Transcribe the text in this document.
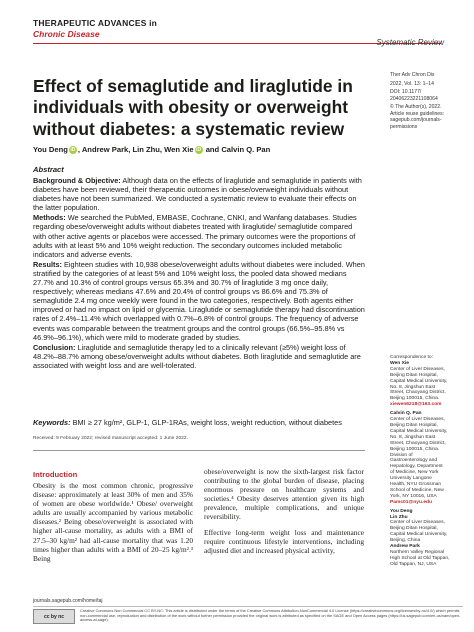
THERAPEUTIC ADVANCES in
Chronic Disease
Systematic Review
Effect of semaglutide and liraglutide in individuals with obesity or overweight without diabetes: a systematic review
You Deng iD , Andrew Park, Lin Zhu, Wen Xie iD and Calvin Q. Pan
Ther Adv Chron Dis
2022, Vol. 13: 1–14
DOI: 10.1177/
20406223221108064
© The Author(s), 2022.
Article reuse guidelines:
sagepub.com/journals-
permissions
Abstract

Background & Objective: Although data on the effects of liraglutide and semaglutide in patients with diabetes have been reviewed, their therapeutic outcomes in obese/overweight individuals without diabetes have not been summarized. We conducted a systematic review to evaluate their effects on the latter population.

Methods: We searched the PubMed, EMBASE, Cochrane, CNKI, and Wanfang databases. Studies regarding obese/overweight adults without diabetes treated with liraglutide/ semaglutide compared with other active agents or placebos were accessed. The primary outcomes were the proportions of adults with at least 5% and 10% weight reduction. The secondary outcomes included metabolic indicators and adverse events.

Results: Eighteen studies with 10,938 obese/overweight adults without diabetes were included. When stratified by the categories of at least 5% and 10% weight loss, the pooled data showed medians 27.7% and 10.3% of control groups versus 65.3% and 30.7% of liraglutide 3 mg once daily, respectively; whereas medians 47.6% and 20.4% of control groups vs 86.6% and 75.3% of semaglutide 2.4 mg once weekly were found in the two categories, respectively. Both agents either improved or had no impact on lipid or glycemia. Liraglutide or semaglutide therapy had discontinuation rates of 2.4%–11.4% which overlapped with 0.7%–6.8% of control groups. The frequency of adverse events was comparable between the treatment groups and the control groups (66.5%–95.8% vs 46.9%–96.1%), which were mild to moderate graded by studies.

Conclusion: Liraglutide and semaglutide therapy led to a clinically relevant (≥5%) weight loss of 48.2%–88.7% among obese/overweight adults without diabetes. Both liraglutide and semaglutide are associated with weight loss and are well-tolerated.

Keywords: BMI ≥ 27 kg/m², GLP-1, GLP-1RAs, weight loss, weight reduction, without diabetes
Received: 9 February 2022; revised manuscript accepted: 1 June 2022.
Correspondence to:
Wen Xie
Center of Liver Diseases,
Beijing Ditan Hospital,
Capital Medical University,
No. 8, Jingshun East
Street, Chaoyang District,
Beijing 100015, China.
xiewen6218@163.com
Calvin Q. Pan
Center of Liver Diseases,
Beijing Ditan Hospital,
Capital Medical University,
No. 8, Jingshun East
Street, Chaoyang District,
Beijing 100015, China.
Division of
Gastroenterology and
Hepatology, Department
of Medicine, New York
University Langone
Health, NYU Grossman
School of Medicine, New
York, NY 10016, USA
Pamc01@nyu.edu
You Deng
Lin Zhu
Center of Liver Diseases,
Beijing Ditan Hospital,
Capital Medical University,
Beijing, China
Andrew Park
Northern Valley Regional
High School at Old Tappan,
Old Tappan, NJ, USA
Introduction
Obesity is the most common chronic, progressive disease: approximately at least 30% of men and 35% of women are obese worldwide.¹ Obese/ overweight adults are usually accompanied by various metabolic diseases.² Being obese/overweight is associated with higher all-cause mortality, as adults with a BMI of 27.5–30 kg/m² had all-cause mortality that was 1.20 times higher than adults with a BMI of 20–25 kg/m².³ Being

obese/overweight is now the sixth-largest risk factor contributing to the global burden of disease, placing enormous pressure on healthcare systems and societies.⁴ Obesity deserves attention given its high prevalence, multiple complications, and unique reversibility.

Effective long-term weight loss and maintenance require continuous lifestyle interventions, including adjusted diet and increased physical activity,

journals.sagepub.com/home/taj
cc by nc
Creative Commons Non Commercial CC BY-NC: This article is distributed under the terms of the Creative Commons Attribution-NonCommercial 4.0 License (https://creativecommons.org/licenses/by-nc/4.0/) which permits non-commercial use, reproduction and distribution of the work without further permission provided the original work is attributed as specified on the SAGE and Open Access pages (https://us.sagepub.com/en-us/nam/open-access-at-sage).
